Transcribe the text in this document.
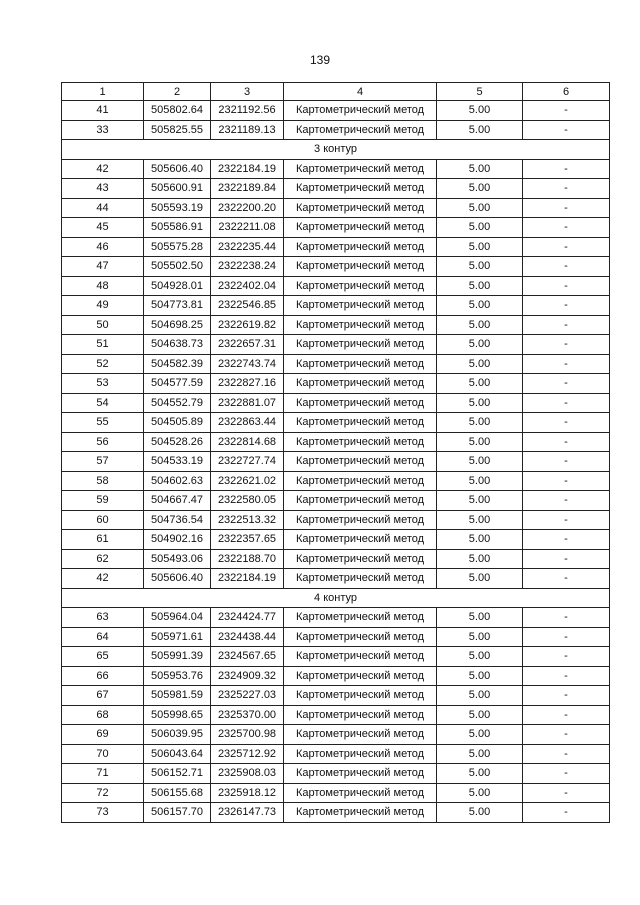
139
1	2	3	4	5	6
41	505802.64	2321192.56	Картометрический метод	5.00	-
33	505825.55	2321189.13	Картометрический метод	5.00	-
3 контур					
42	505606.40	2322184.19	Картометрический метод	5.00	-
43	505600.91	2322189.84	Картометрический метод	5.00	-
44	505593.19	2322200.20	Картометрический метод	5.00	-
45	505586.91	2322211.08	Картометрический метод	5.00	-
46	505575.28	2322235.44	Картометрический метод	5.00	-
47	505502.50	2322238.24	Картометрический метод	5.00	-
48	504928.01	2322402.04	Картометрический метод	5.00	-
49	504773.81	2322546.85	Картометрический метод	5.00	-
50	504698.25	2322619.82	Картометрический метод	5.00	-
51	504638.73	2322657.31	Картометрический метод	5.00	-
52	504582.39	2322743.74	Картометрический метод	5.00	-
53	504577.59	2322827.16	Картометрический метод	5.00	-
54	504552.79	2322881.07	Картометрический метод	5.00	-
55	504505.89	2322863.44	Картометрический метод	5.00	-
56	504528.26	2322814.68	Картометрический метод	5.00	-
57	504533.19	2322727.74	Картометрический метод	5.00	-
58	504602.63	2322621.02	Картометрический метод	5.00	-
59	504667.47	2322580.05	Картометрический метод	5.00	-
60	504736.54	2322513.32	Картометрический метод	5.00	-
61	504902.16	2322357.65	Картометрический метод	5.00	-
62	505493.06	2322188.70	Картометрический метод	5.00	-
42	505606.40	2322184.19	Картометрический метод	5.00	-
4 контур					
63	505964.04	2324424.77	Картометрический метод	5.00	-
64	505971.61	2324438.44	Картометрический метод	5.00	-
65	505991.39	2324567.65	Картометрический метод	5.00	-
66	505953.76	2324909.32	Картометрический метод	5.00	-
67	505981.59	2325227.03	Картометрический метод	5.00	-
68	505998.65	2325370.00	Картометрический метод	5.00	-
69	506039.95	2325700.98	Картометрический метод	5.00	-
70	506043.64	2325712.92	Картометрический метод	5.00	-
71	506152.71	2325908.03	Картометрический метод	5.00	-
72	506155.68	2325918.12	Картометрический метод	5.00	-
73	506157.70	2326147.73	Картометрический метод	5.00	-
